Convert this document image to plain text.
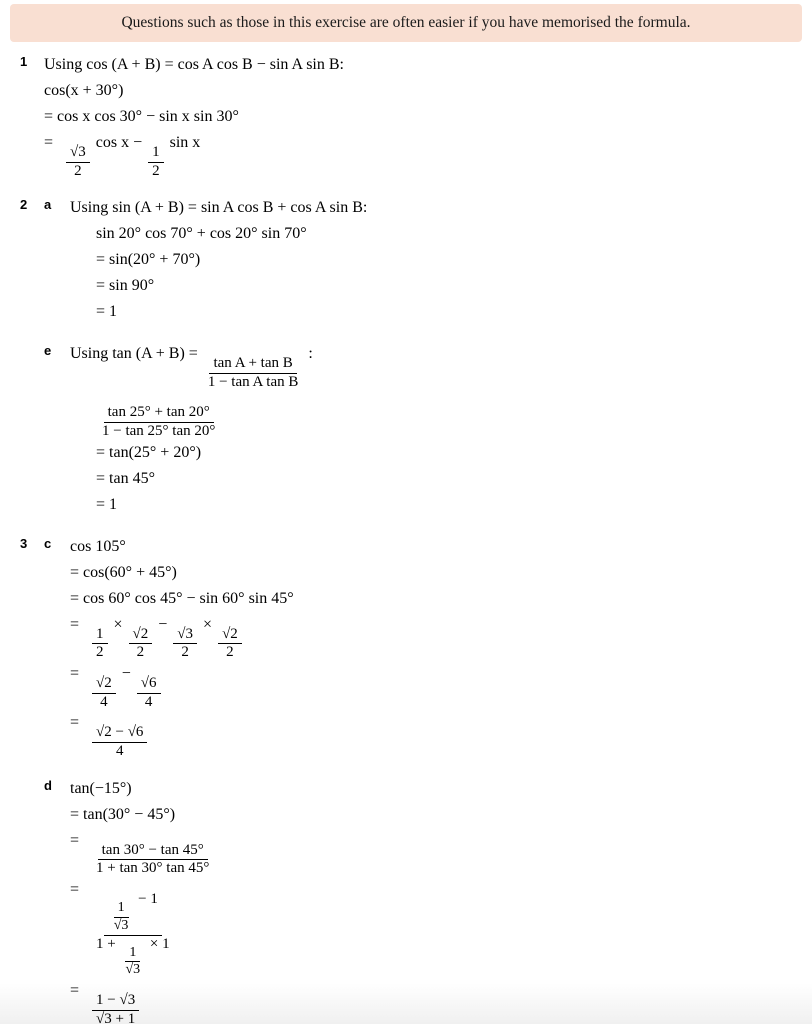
Questions such as those in this exercise are often easier if you have memorised the formula.
1	Using cos (A + B) = cos A cos B − sin A sin B:
cos(x + 30°)
= cos x cos 30° − sin x sin 30°
=
$\frac{√3}{2}$
cos x −
$\frac{1}{2}$
sin x
2	a	Using sin (A + B) = sin A cos B + cos A sin B:
sin 20° cos 70° + cos 20° sin 70°
= sin(20° + 70°)
= sin 90°
= 1
e	Using tan (A + B) =
$\frac{\text{tan A + tan B}}{\text{1 − tan A tan B}}$
:
$\frac{\tan 25^\circ + \tan 20^\circ}{1 - \tan 25^\circ \tan 20^\circ}$
= tan(25° + 20°)
= tan 45°
= 1
3	c	cos 105°
= cos(60° + 45°)
= cos 60° cos 45° − sin 60° sin 45°
=
$\frac{1}{2}$
×
$\frac{√2}{2}$
−
$\frac{√3}{2}$
×
$\frac{√2}{2}$
=
$\frac{√2}{4}$
−
$\frac{√6}{4}$
=
$\frac{√2 - √6}{4}$
d	tan(−15°)
= tan(30° − 45°)
=
$\frac{\tan 30^\circ - \tan 45^\circ}{1 + \tan 30^\circ \tan 45^\circ}$
=
$\frac{1}{√3}$
− 1
1 +
$\frac{1}{√3}$
× 1
=
$\frac{1 - √3}{√3 + 1}$
